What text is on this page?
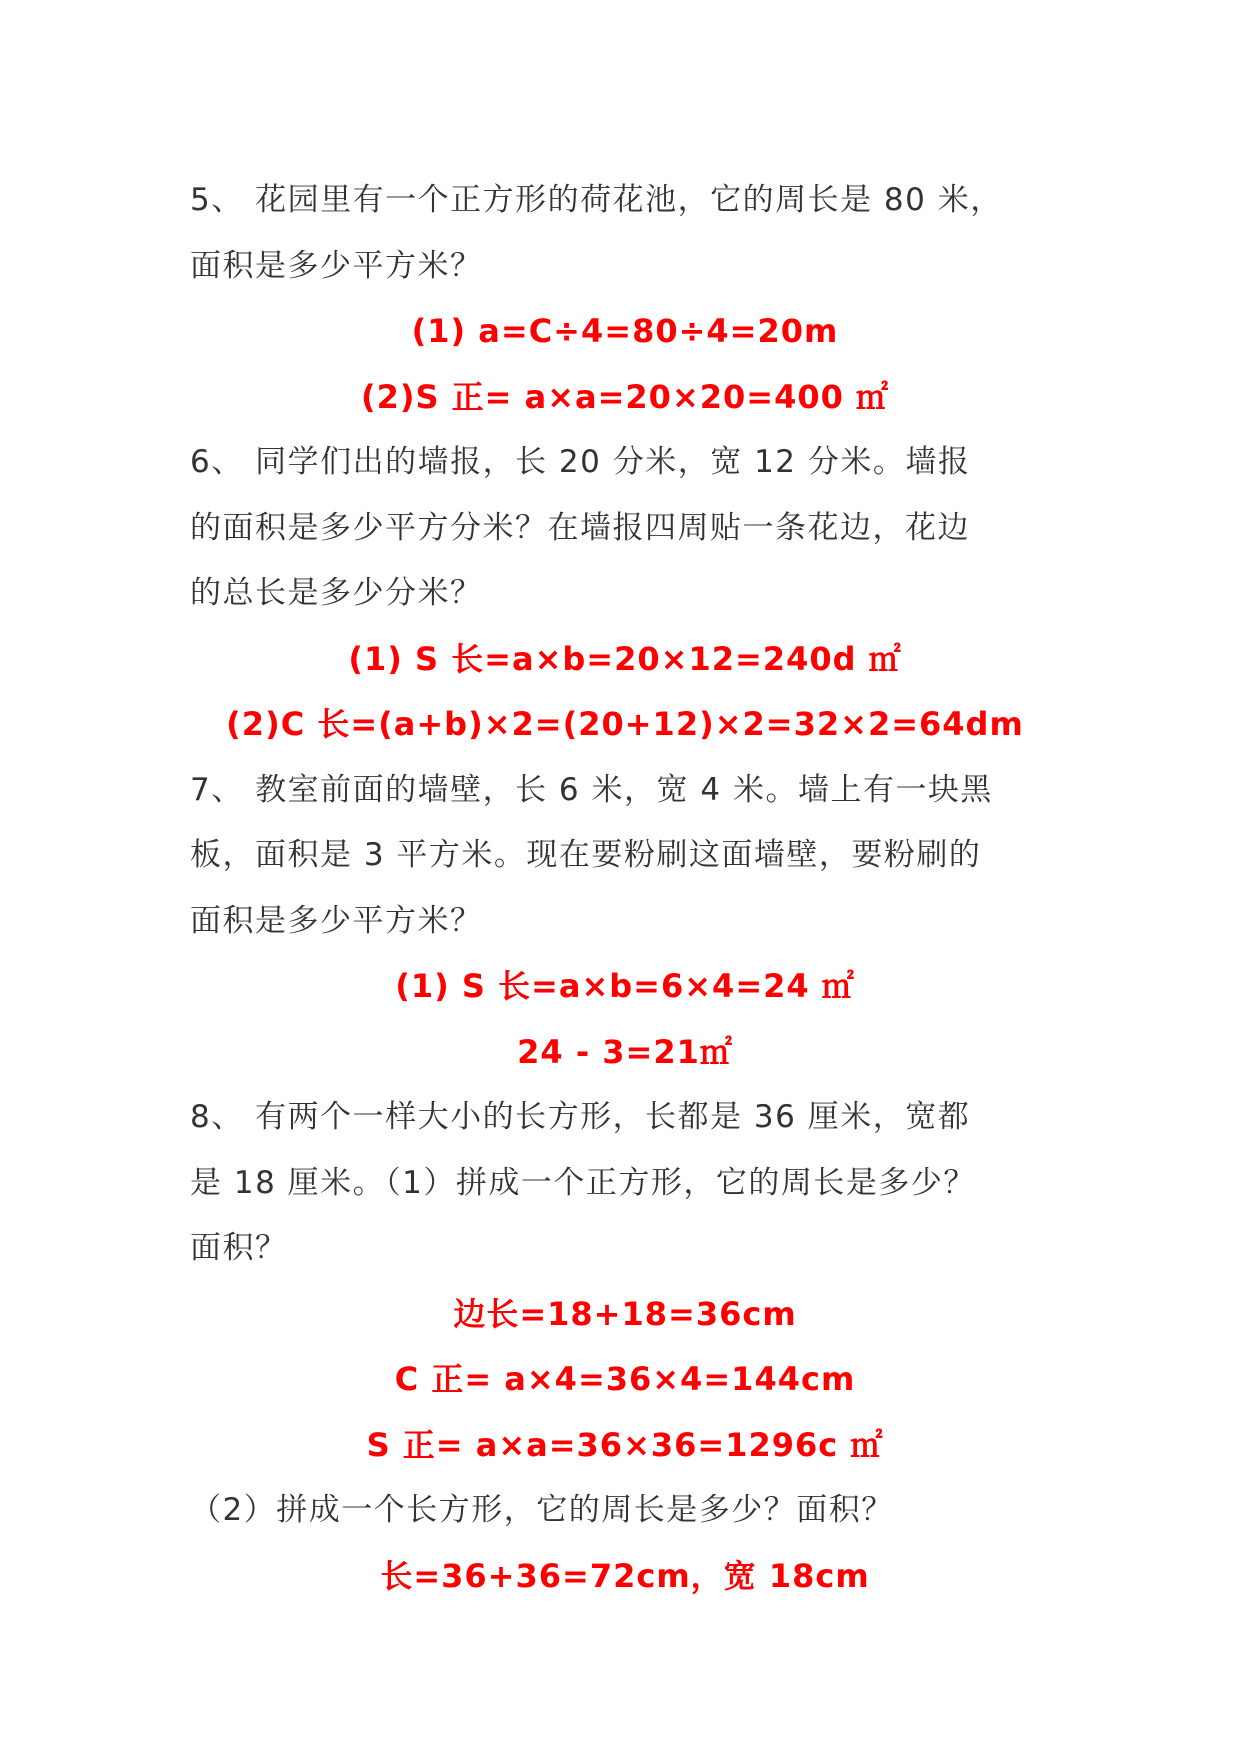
5、 花园里有一个正方形的荷花池，它的周长是 80 米，
面积是多少平方米？
(1) a=C÷4=80÷4=20m
(2)S 正= a×a=20×20=400 ㎡
6、 同学们出的墙报，长 20 分米，宽 12 分米。墙报
的面积是多少平方分米？在墙报四周贴一条花边，花边
的总长是多少分米？
(1) S 长=a×b=20×12=240d ㎡
(2)C 长=(a+b)×2=(20+12)×2=32×2=64dm
7、 教室前面的墙壁，长 6 米，宽 4 米。墙上有一块黑
板，面积是 3 平方米。现在要粉刷这面墙壁，要粉刷的
面积是多少平方米？
(1) S 长=a×b=6×4=24 ㎡
24 - 3=21㎡
8、 有两个一样大小的长方形，长都是 36 厘米，宽都
是 18 厘米。（1）拼成一个正方形，它的周长是多少？
面积？
边长=18+18=36cm
C 正= a×4=36×4=144cm
S 正= a×a=36×36=1296c ㎡
（2）拼成一个长方形，它的周长是多少？面积？
长=36+36=72cm，宽 18cm
